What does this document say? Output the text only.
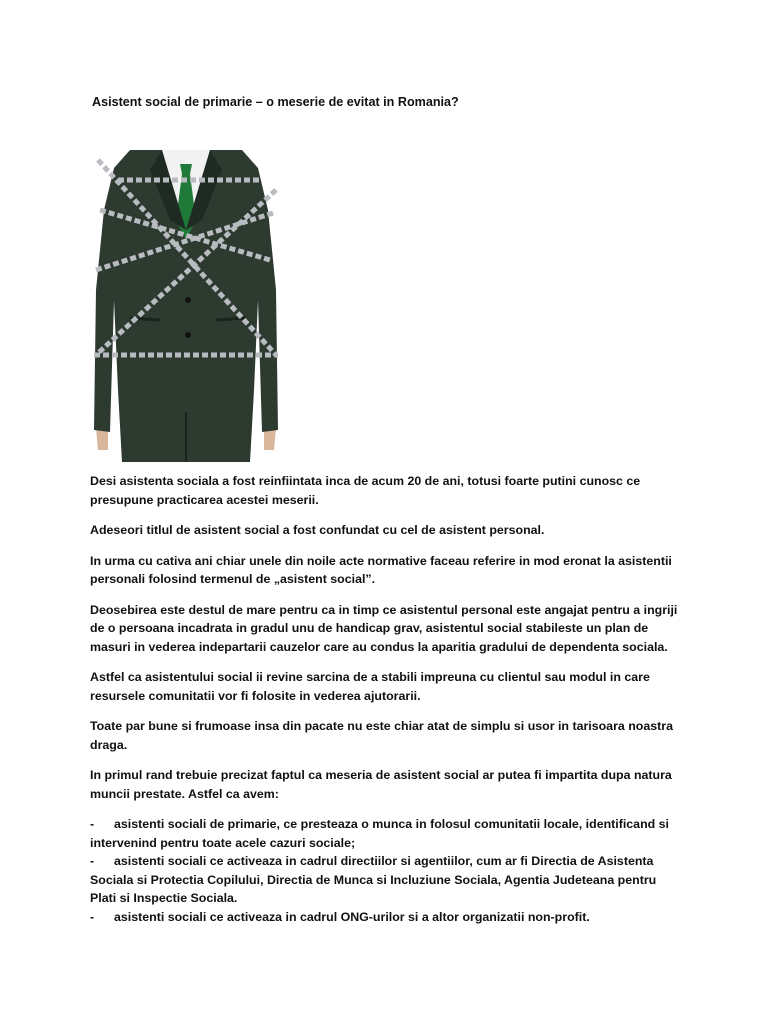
Asistent social de primarie – o meserie de evitat in Romania?

Desi asistenta sociala a fost reinfiintata inca de acum 20 de ani, totusi foarte putini cunosc ce presupune practicarea acestei meserii.

Adeseori titlul de asistent social a fost confundat cu cel de asistent personal.

In urma cu cativa ani chiar unele din noile acte normative faceau referire in mod eronat la asistentii personali folosind termenul de „asistent social”.

Deosebirea este destul de mare pentru ca in timp ce asistentul personal este angajat pentru a ingriji de o persoana incadrata in gradul unu de handicap grav, asistentul social stabileste un plan de masuri in vederea indepartarii cauzelor care au condus la aparitia gradului de dependenta sociala.

Astfel ca asistentului social ii revine sarcina de a stabili impreuna cu clientul sau modul in care resursele comunitatii vor fi folosite in vederea ajutorarii.

Toate par bune si frumoase insa din pacate nu este chiar atat de simplu si usor in tarisoara noastra draga.

In primul rand trebuie precizat faptul ca meseria de asistent social ar putea fi impartita dupa natura muncii prestate. Astfel ca avem:

- asistenti sociali de primarie, ce presteaza o munca in folosul comunitatii locale, identificand si intervenind pentru toate acele cazuri sociale;
- asistenti sociali ce activeaza in cadrul directiilor si agentiilor, cum ar fi Directia de Asistenta Sociala si Protectia Copilului, Directia de Munca si Incluziune Sociala, Agentia Judeteana pentru Plati si Inspectie Sociala.
- asistenti sociali ce activeaza in cadrul ONG-urilor si a altor organizatii non-profit.
